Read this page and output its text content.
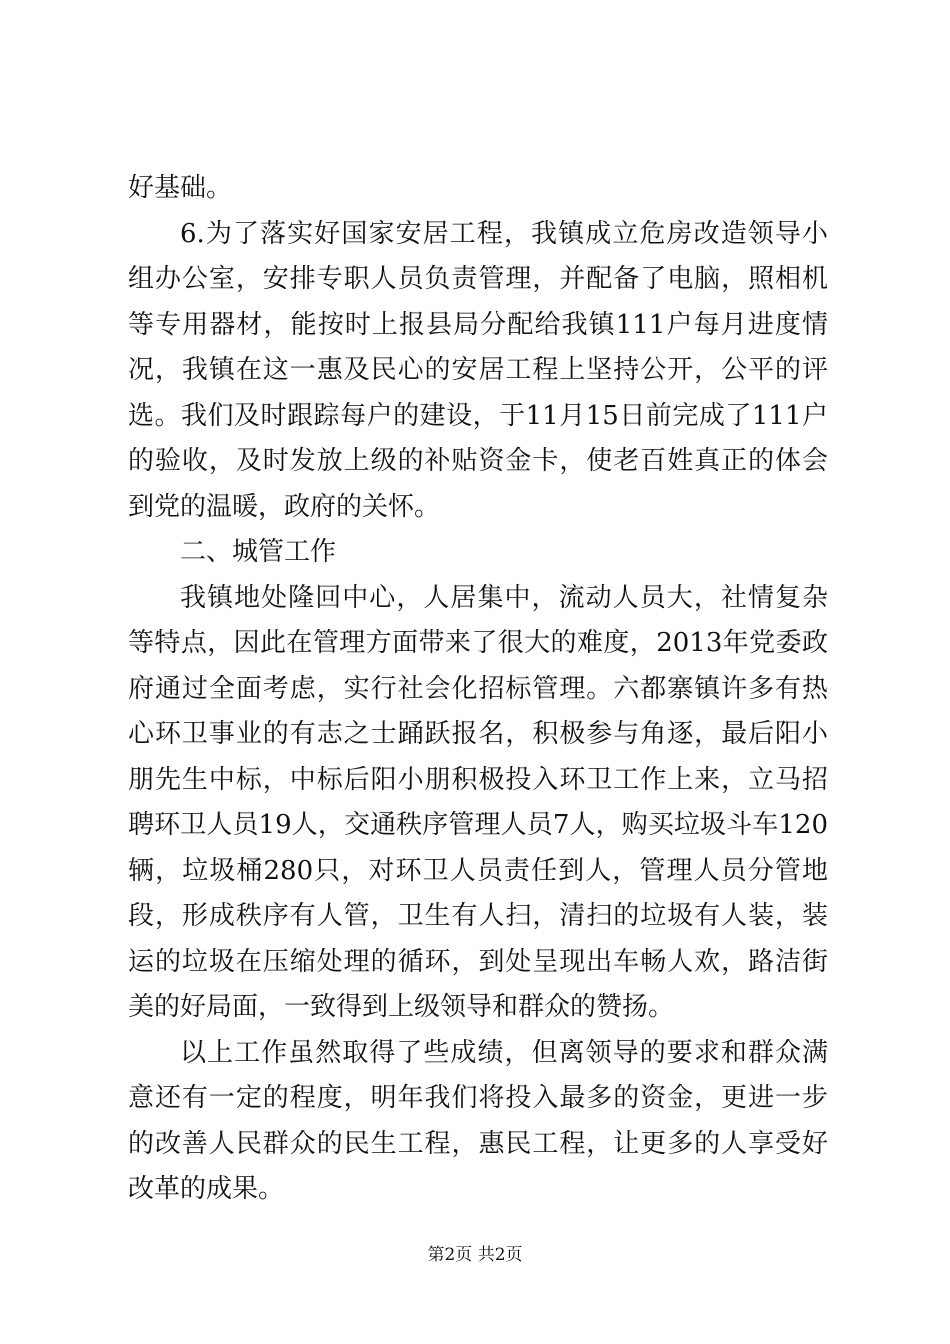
好基础。

6.为了落实好国家安居工程，我镇成立危房改造领导小组办公室，安排专职人员负责管理，并配备了电脑，照相机等专用器材，能按时上报县局分配给我镇111户每月进度情况，我镇在这一惠及民心的安居工程上坚持公开，公平的评选。我们及时跟踪每户的建设，于11月15日前完成了111户的验收，及时发放上级的补贴资金卡，使老百姓真正的体会到党的温暖，政府的关怀。

二、城管工作

我镇地处隆回中心，人居集中，流动人员大，社情复杂等特点，因此在管理方面带来了很大的难度，2013年党委政府通过全面考虑，实行社会化招标管理。六都寨镇许多有热心环卫事业的有志之士踊跃报名，积极参与角逐，最后阳小朋先生中标，中标后阳小朋积极投入环卫工作上来，立马招聘环卫人员19人，交通秩序管理人员7人，购买垃圾斗车120辆，垃圾桶280只，对环卫人员责任到人，管理人员分管地段，形成秩序有人管，卫生有人扫，清扫的垃圾有人装，装运的垃圾在压缩处理的循环，到处呈现出车畅人欢，路洁街美的好局面，一致得到上级领导和群众的赞扬。

以上工作虽然取得了些成绩，但离领导的要求和群众满意还有一定的程度，明年我们将投入最多的资金，更进一步的改善人民群众的民生工程，惠民工程，让更多的人享受好改革的成果。

第2页 共2页
